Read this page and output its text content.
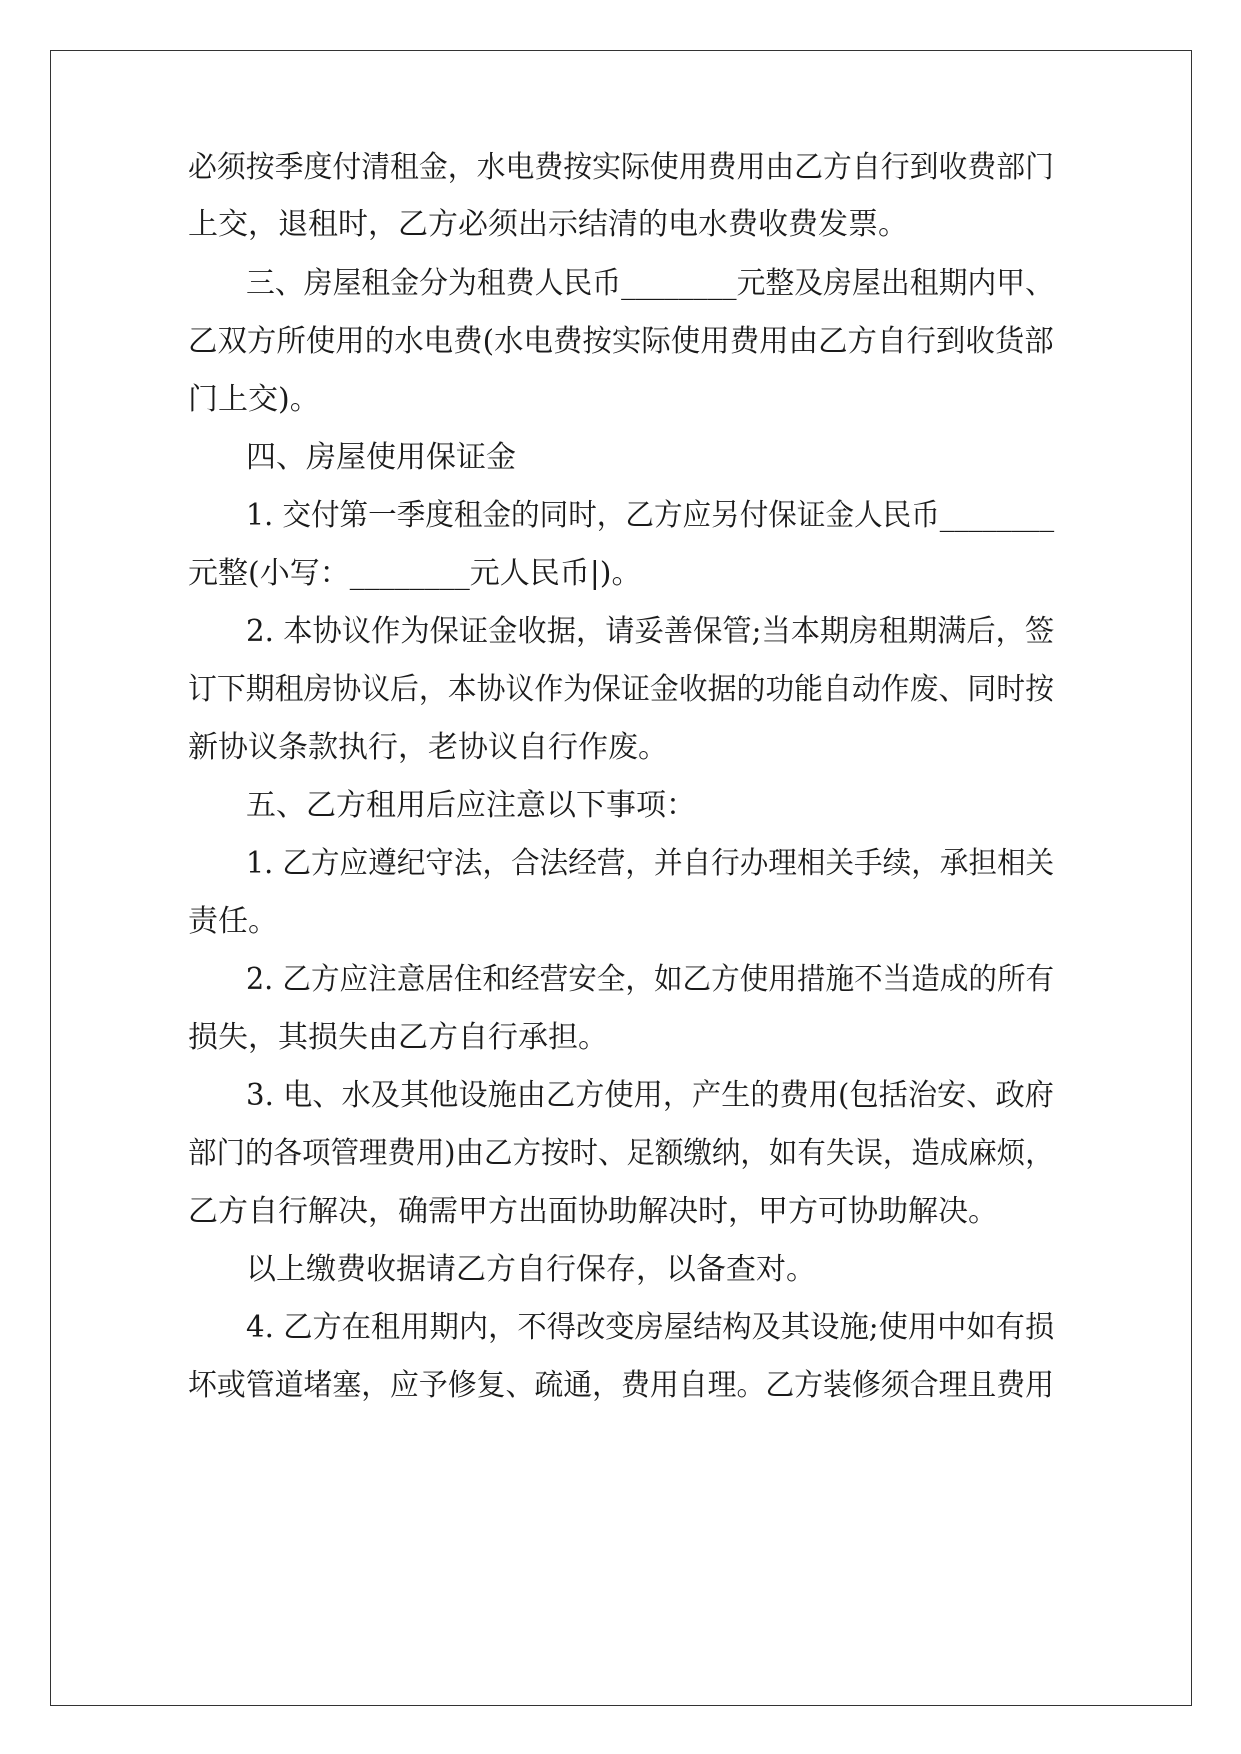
必须按季度付清租金，水电费按实际使用费用由乙方自行到收费部门
上交，退租时，乙方必须出示结清的电水费收费发票。
三、房屋租金分为租费人民币________元整及房屋出租期内甲、
乙双方所使用的水电费(水电费按实际使用费用由乙方自行到收货部
门上交)。
四、房屋使用保证金
1. 交付第一季度租金的同时，乙方应另付保证金人民币________
元整(小写：________元人民币|)。
2. 本协议作为保证金收据，请妥善保管;当本期房租期满后，签
订下期租房协议后，本协议作为保证金收据的功能自动作废、同时按
新协议条款执行，老协议自行作废。
五、乙方租用后应注意以下事项：
1. 乙方应遵纪守法，合法经营，并自行办理相关手续，承担相关
责任。
2. 乙方应注意居住和经营安全，如乙方使用措施不当造成的所有
损失，其损失由乙方自行承担。
3. 电、水及其他设施由乙方使用，产生的费用(包括治安、政府
部门的各项管理费用)由乙方按时、足额缴纳，如有失误，造成麻烦，
乙方自行解决，确需甲方出面协助解决时，甲方可协助解决。
以上缴费收据请乙方自行保存，以备查对。
4. 乙方在租用期内，不得改变房屋结构及其设施;使用中如有损
坏或管道堵塞，应予修复、疏通，费用自理。乙方装修须合理且费用
